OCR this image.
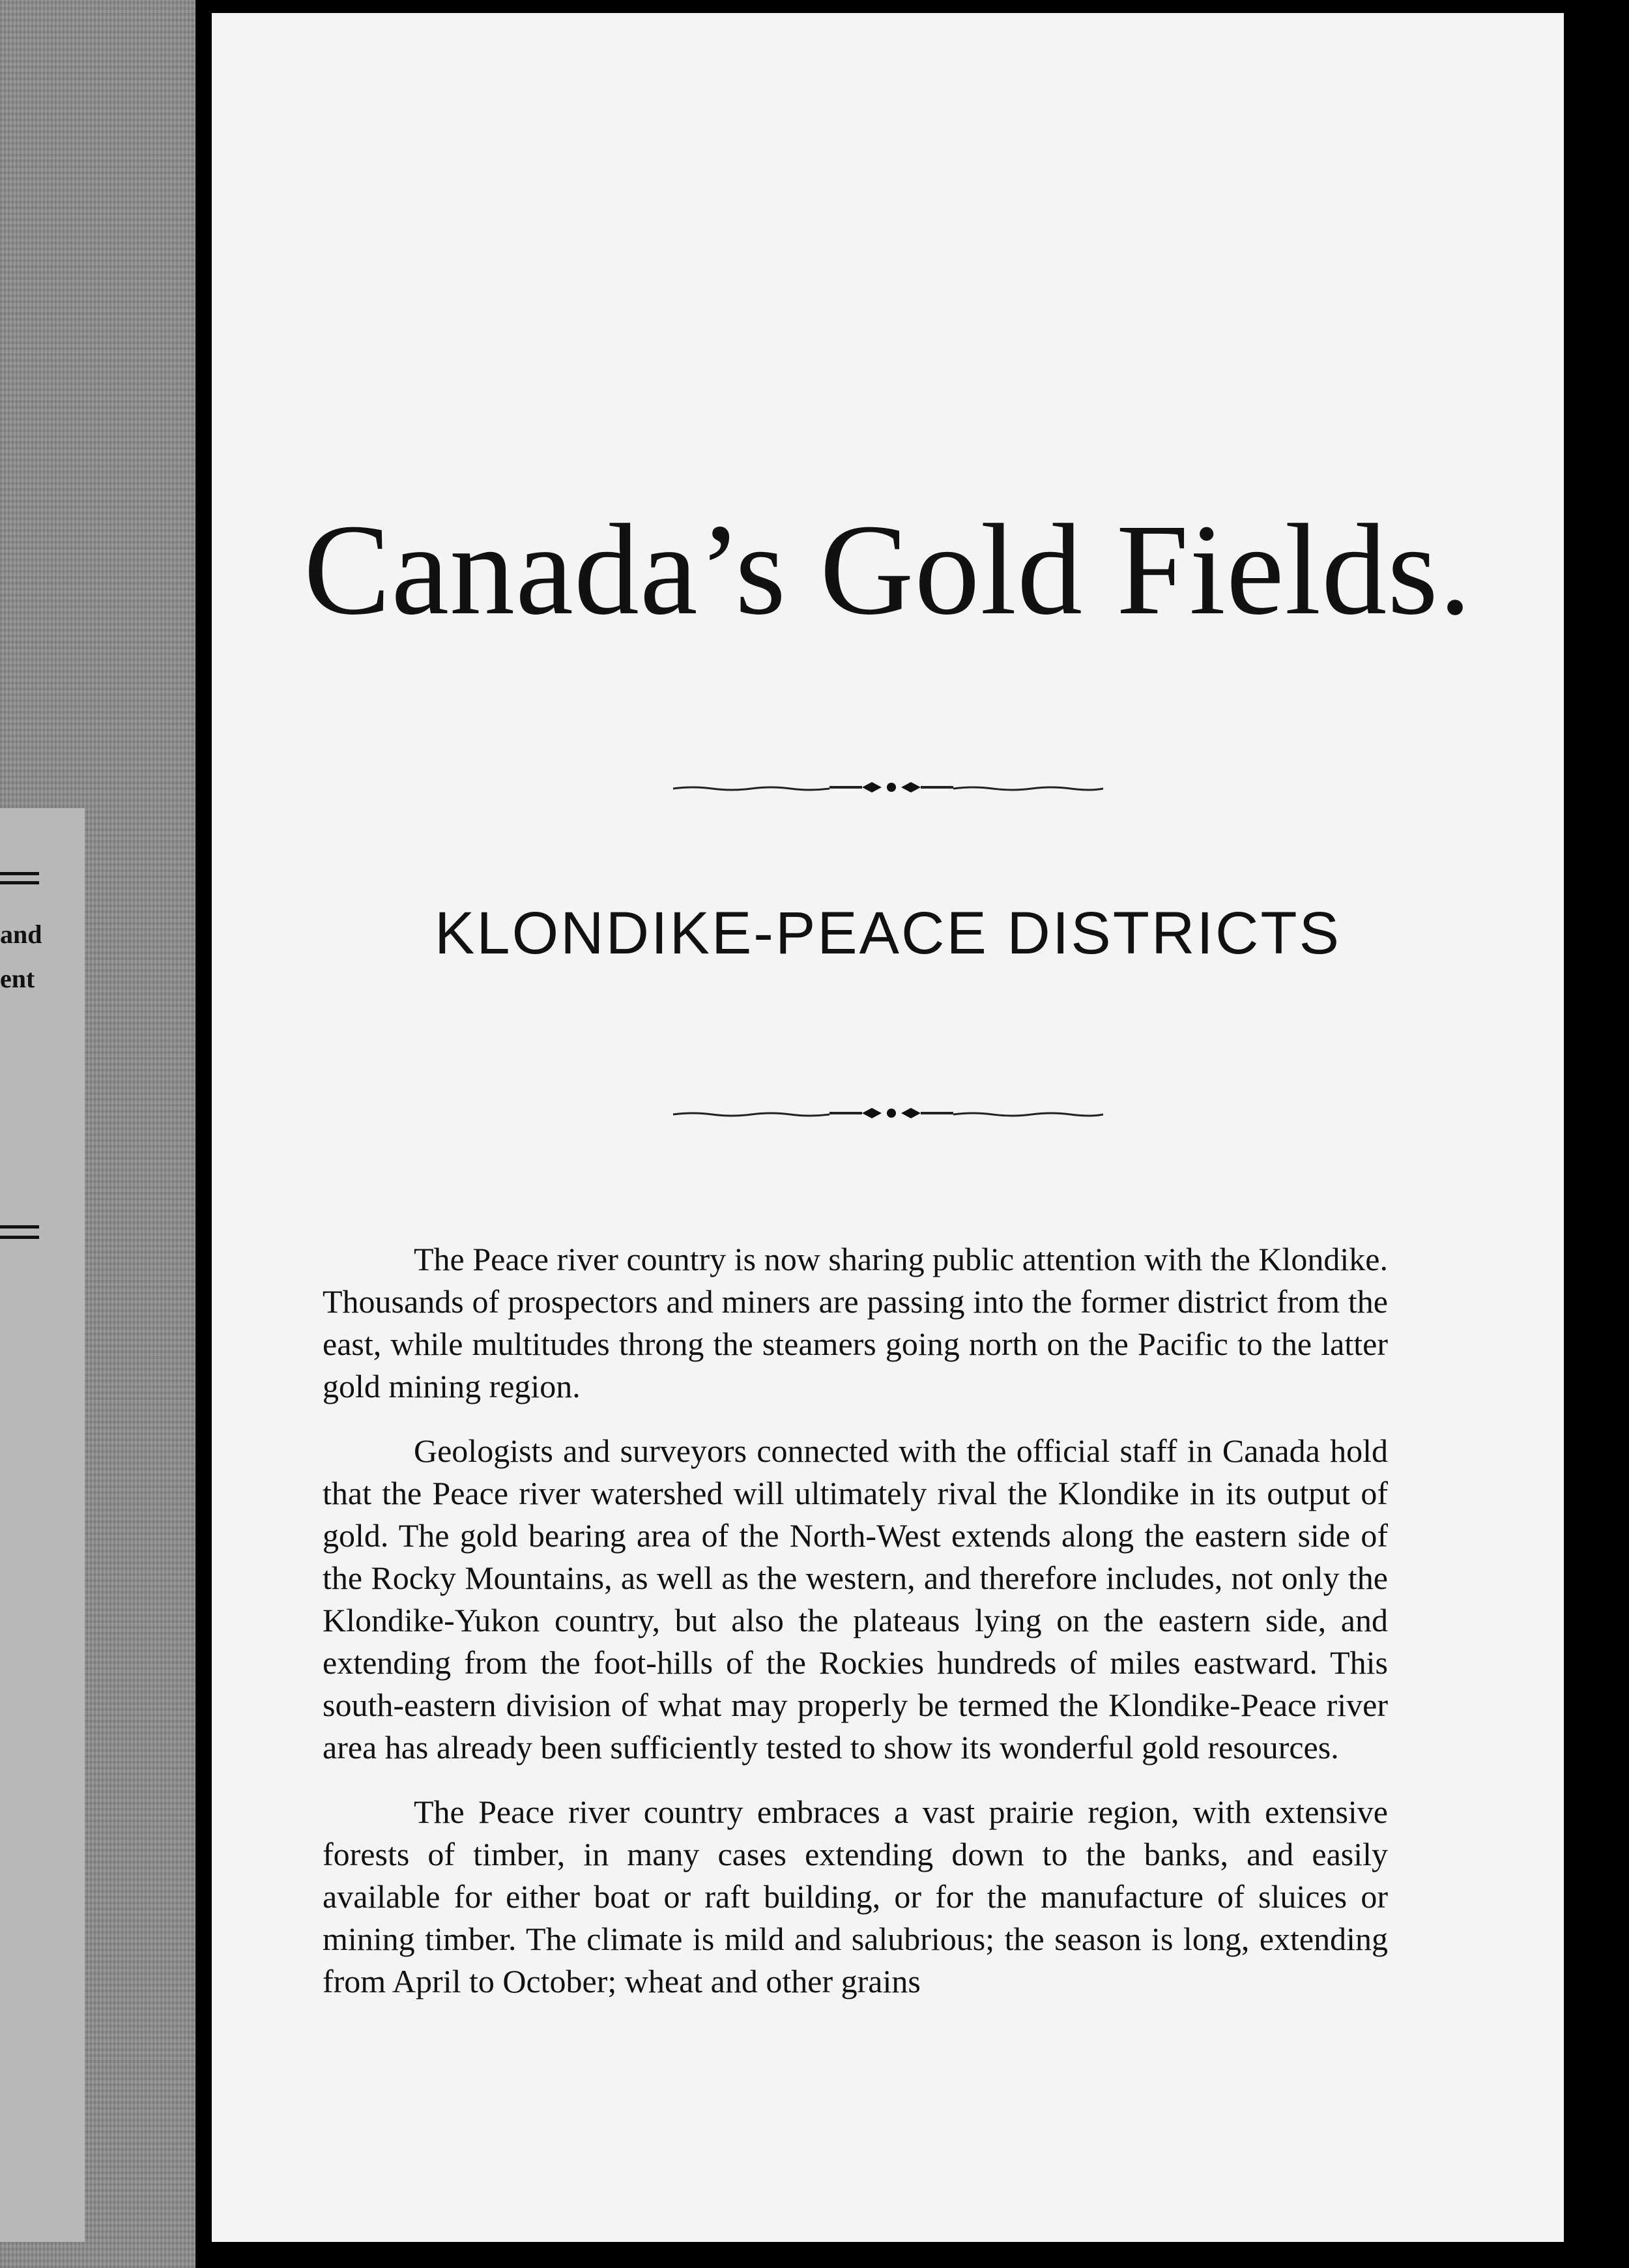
and
ent
Canada’s Gold Fields.
KLONDIKE-PEACE DISTRICTS

The Peace river country is now sharing public attention with the Klondike. Thousands of prospectors and miners are passing into the former district from the east, while multitudes throng the steamers going north on the Pacific to the latter gold mining region.

Geologists and surveyors connected with the official staff in Canada hold that the Peace river watershed will ultimately rival the Klondike in its output of gold. The gold bearing area of the North-West extends along the eastern side of the Rocky Mountains, as well as the western, and therefore includes, not only the Klondike-Yukon country, but also the plateaus lying on the eastern side, and extending from the foot-hills of the Rockies hundreds of miles eastward. This south-eastern division of what may properly be termed the Klondike-Peace river area has already been sufficiently tested to show its wonderful gold resources.

The Peace river country embraces a vast prairie region, with extensive forests of timber, in many cases extending down to the banks, and easily available for either boat or raft building, or for the manufacture of sluices or mining timber. The climate is mild and salubrious; the season is long, extending from April to October; wheat and other grains
